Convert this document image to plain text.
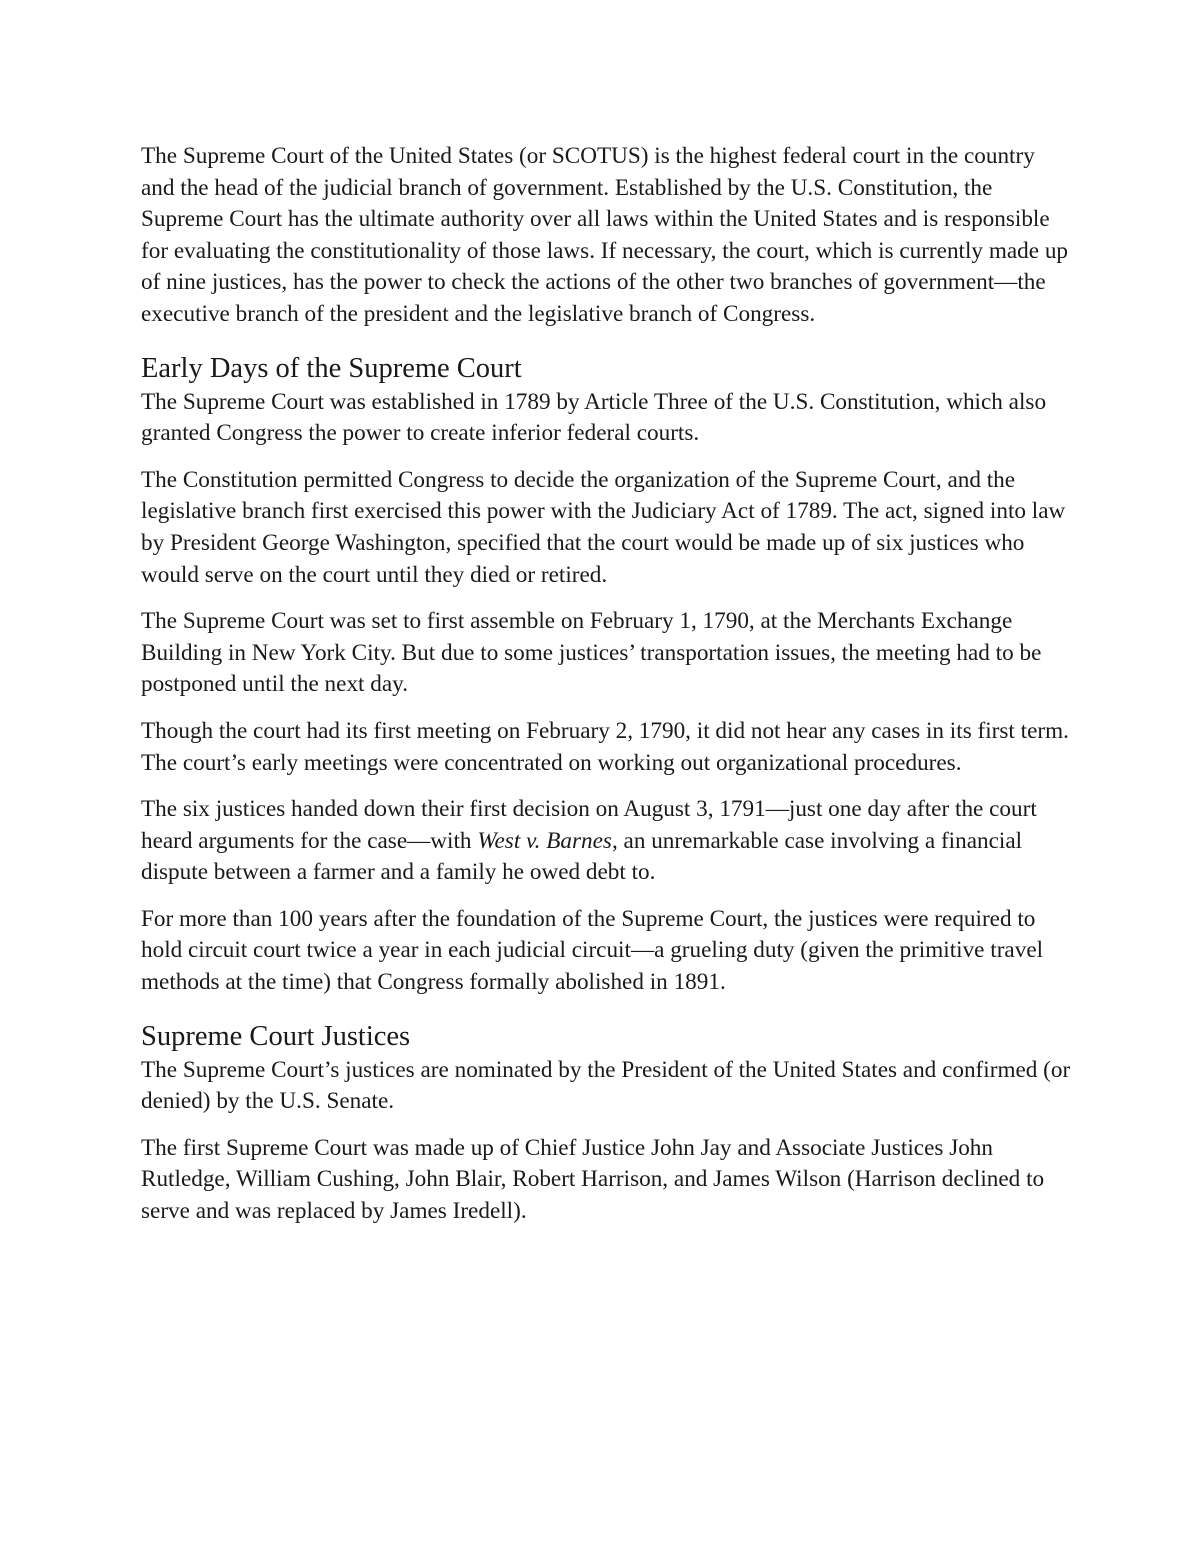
The Supreme Court of the United States (or SCOTUS) is the highest federal court in the country and the head of the judicial branch of government. Established by the U.S. Constitution, the Supreme Court has the ultimate authority over all laws within the United States and is responsible for evaluating the constitutionality of those laws. If necessary, the court, which is currently made up of nine justices, has the power to check the actions of the other two branches of government—the executive branch of the president and the legislative branch of Congress.

Early Days of the Supreme Court

The Supreme Court was established in 1789 by Article Three of the U.S. Constitution, which also granted Congress the power to create inferior federal courts.

The Constitution permitted Congress to decide the organization of the Supreme Court, and the legislative branch first exercised this power with the Judiciary Act of 1789. The act, signed into law by President George Washington, specified that the court would be made up of six justices who would serve on the court until they died or retired.

The Supreme Court was set to first assemble on February 1, 1790, at the Merchants Exchange Building in New York City. But due to some justices’ transportation issues, the meeting had to be postponed until the next day.

Though the court had its first meeting on February 2, 1790, it did not hear any cases in its first term. The court’s early meetings were concentrated on working out organizational procedures.

The six justices handed down their first decision on August 3, 1791—just one day after the court heard arguments for the case—with West v. Barnes, an unremarkable case involving a financial dispute between a farmer and a family he owed debt to.

For more than 100 years after the foundation of the Supreme Court, the justices were required to hold circuit court twice a year in each judicial circuit—a grueling duty (given the primitive travel methods at the time) that Congress formally abolished in 1891.

Supreme Court Justices

The Supreme Court’s justices are nominated by the President of the United States and confirmed (or denied) by the U.S. Senate.

The first Supreme Court was made up of Chief Justice John Jay and Associate Justices John Rutledge, William Cushing, John Blair, Robert Harrison, and James Wilson (Harrison declined to serve and was replaced by James Iredell).
